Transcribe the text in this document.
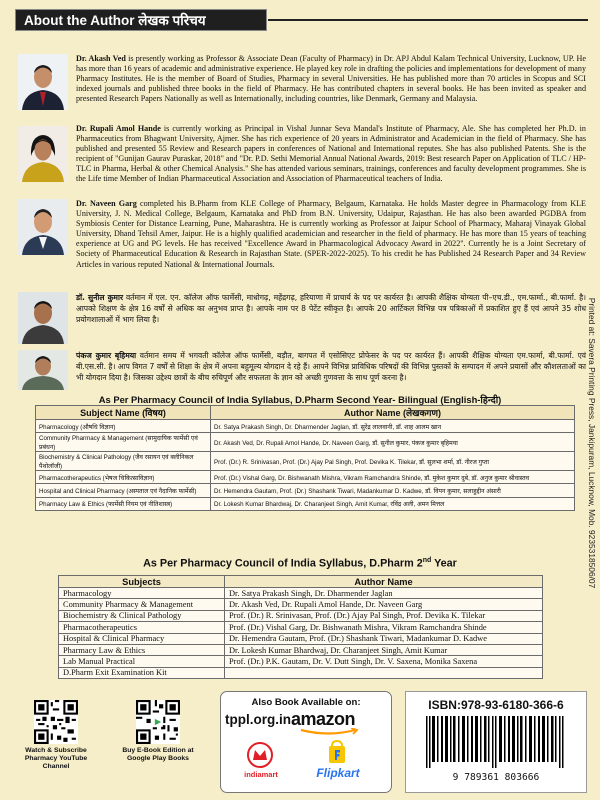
About the Author लेखक परिचय
Dr. Akash Ved is presently working as Professor & Associate Dean (Faculty of Pharmacy) in Dr. APJ Abdul Kalam Technical University, Lucknow, UP. He has more than 16 years of academic and administrative experience. He played key role in drafting the policies and implementations for development of many Pharmacy Institutes. He is the member of Board of Studies, Pharmacy in several Universities. He has published more than 70 articles in Scopus and SCI indexed journals and published three books in the field of Pharmacy. He has contributed chapters in several books. He has been invited as speaker and presented Research Papers Nationally as well as Internationally, including countries, like Denmark, Germany and Malaysia.
Dr. Rupali Amol Hande is currently working as Principal in Vishal Junnar Seva Mandal's Institute of Pharmacy, Ale. She has completed her Ph.D. in Pharmaceutics from Bhagwant University, Ajmer. She has rich experience of 20 years in Administrator and Academician in the field of Pharmacy. She has published and presented 55 Review and Research papers in conferences of National and International reputes. She has also published Patents. She is the recipient of "Gunijan Gaurav Puraskar, 2018" and "Dr. P.D. Sethi Memorial Annual National Awards, 2019: Best research Paper on Application of TLC / HP- TLC in Pharma, Herbal & other Chemical Analysis." She has attended various seminars, trainings, conferences and faculty development programmes. She is the Life time Member of Indian Pharmaceutical Association and Association of Pharmaceutical teachers of India.
Dr. Naveen Garg completed his B.Pharm from KLE College of Pharmacy, Belgaum, Karnataka. He holds Master degree in Pharmacology from KLE University, J. N. Medical College, Belgaum, Karnataka and PhD from B.N. University, Udaipur, Rajasthan. He has also been awarded PGDBA from Symbiosis Center for Distance Learning, Pune, Maharashtra. He is currently working as Professor at Jaipur School of Pharmacy, Maharaj Vinayak Global University, Dhand Tehsil Amer, Jaipur. He is a highly qualified academician and researcher in the field of pharmacy. He has more than 15 years of teaching experience at UG and PG levels. He has received "Excellence Award in Pharmacological Advocacy Award in 2022". Currently he is a Joint Secretary of Society of Pharmaceutical Education & Research in Rajasthan State. (SPER-2022-2025). To his credit he has Published 24 Research Paper and 34 Review Articles in various reputed National & International Journals.
डॉ. सुनील कुमार वर्तमान में एल. एन. कॉलेज ऑफ फार्मेसी, माधोगढ़, महेंद्रगढ़, हरियाणा में प्राचार्य के पद पर कार्यरत है। आपकी शैक्षिक योग्यता पी–एच.डी., एम.फार्मा., बी.फार्मा. है। आपको शिक्षण के क्षेत्र 16 वर्षों से अधिक का अनुभव प्राप्त है। आपके नाम पर 8 पेटेंट स्वीकृत है। आपके 20 आर्टिकल विभिन्न पत्र पत्रिकाओं में प्रकाशित हुए हैं एवं आपने 35 शोध प्रयोगशालाओं में भाग लिया है।
पंकज कुमार बृहिमया वर्तमान समय में भगवती कॉलेज ऑफ फार्मेसी, बड़ौत, बागपत में एसोसिएट प्रोफेसर के पद पर कार्यरत हैं। आपकी शैक्षिक योग्यता एम.फार्मा, बी.फार्मा. एवं बी.एस.सी. है। आप विगत 7 वर्षों से शिक्षा के क्षेत्र में अपना बहुमूल्य योगदान दे रहे हैं। आपने विभिन्न प्राविधिक परिषदों की विभिन्न पुस्तकों के सम्पादन में अपने प्रयासों और कौशलताओं का भी योगदान दिया है। जिसका उद्देश्य छात्रों के बीच रुचिपूर्ण और सफलता के ज्ञान को अच्छी गुणवत्ता के साथ पूर्ण करना है।	Printed at: Savera Printing Press, Jankipuram, Lucknow, Mob. 9235318506/07
As Per Pharmacy Council of India Syllabus, D.Pharm Second Year- Bilingual (English-हिन्दी)
Subject Name (विषय)	Author Name (लेखकगण)
Pharmacology (औषधि विज्ञान)	Dr. Satya Prakash Singh, Dr. Dharmender Jaglan, डॉ. सुरेंद्र लालवानी, डॉ. शाह आलम खान
Community Pharmacy & Management (सामुदायिक फार्मेसी एवं प्रबंधन)	Dr. Akash Ved, Dr. Rupali Amol Hande, Dr. Naveen Garg, डॉ. सुनील कुमार, पंकज कुमार बृहिमया
Biochemistry & Clinical Pathology (जैव रसायन एवं क्लीनिकल पैथोलॉजी)	Prof. (Dr.) R. Srinivasan, Prof. (Dr.) Ajay Pal Singh, Prof. Devika K. Tilekar, डॉ. सुलभा शर्मा, डॉ. नीरज गुप्ता
Pharmacotherapeutics (भेषज चिकित्साविज्ञान)	Prof. (Dr.) Vishal Garg, Dr. Bishwanath Mishra, Vikram Ramchandra Shinde, डॉ. मुकेश कुमार दुबे, डॉ. अनुज कुमार श्रीवास्तव
Hospital and Clinical Pharmacy (अस्पताल एवं नैदानिक फार्मेसी)	Dr. Hemendra Gautam, Prof. (Dr.) Shashank Tiwari, Madankumar D. Kadwe, डॉ. विपन कुमार, सलाहुद्दीन अंसारी
Pharmacy Law & Ethics (फार्मेसी नियम एवं नीतिशास्त्र)	Dr. Lokesh Kumar Bhardwaj, Dr. Charanjeet Singh, Amit Kumar, रविंद्र अली, अमन मित्तल
As Per Pharmacy Council of India Syllabus, D.Pharm 2nd Year
Subjects	Author Name
Pharmacology	Dr. Satya Prakash Singh, Dr. Dharmender Jaglan
Community Pharmacy & Management	Dr. Akash Ved, Dr. Rupali Amol Hande, Dr. Naveen Garg
Biochemistry & Clinical Pathology	Prof. (Dr.) R. Srinivasan, Prof. (Dr.) Ajay Pal Singh, Prof. Devika K. Tilekar
Pharmacotherapeutics	Prof. (Dr.) Vishal Garg, Dr. Bishwanath Mishra, Vikram Ramchandra Shinde
Hospital & Clinical Pharmacy	Dr. Hemendra Gautam, Prof. (Dr.) Shashank Tiwari, Madankumar D. Kadwe
Pharmacy Law & Ethics	Dr. Lokesh Kumar Bhardwaj, Dr. Charanjeet Singh, Amit Kumar
Lab Manual Practical	Prof. (Dr.) P.K. Gautam, Dr. V. Dutt Singh, Dr. V. Saxena, Monika Saxena
D.Pharm Exit Examination Kit	
Watch & Subscribe Pharmacy YouTube Channel
Buy E-Book Edition at Google Play Books
Also Book Available on:
tppl.org.in amazon
indiamart	Flipkart
ISBN:978-93-6180-366-6
9 789361 803666
